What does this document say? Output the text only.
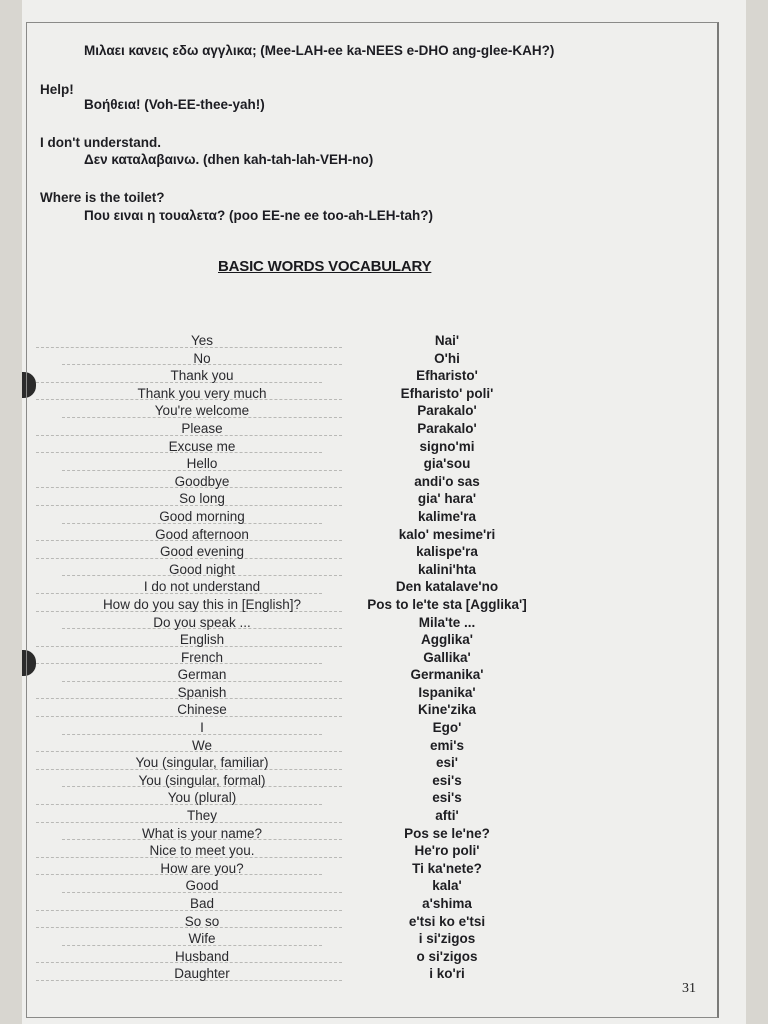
Μιλαει κανεις εδω αγγλικα; (Mee-LAH-ee ka-NEES e-DHO ang-glee-KAH?)
Help!
Βοήθεια! (Voh-EE-thee-yah!)
I don't understand.
Δεν καταλαβαινω. (dhen kah-tah-lah-VEH-no)
Where is the toilet?
Που ειναι η τουαλετα? (poo EE-ne ee too-ah-LEH-tah?)
BASIC WORDS VOCABULARY
Yes	Nai'
No	O'hi
Thank you	Efharisto'
Thank you very much	Efharisto' poli'
You're welcome	Parakalo'
Please	Parakalo'
Excuse me	signo'mi
Hello	gia'sou
Goodbye	andi'o sas
So long	gia' hara'
Good morning	kalime'ra
Good afternoon	kalo' mesime'ri
Good evening	kalispe'ra
Good night	kalini'hta
I do not understand	Den katalave'no
How do you say this in [English]?	Pos to le'te sta [Agglika']
Do you speak ...	Mila'te ...
English	Agglika'
French	Gallika'
German	Germanika'
Spanish	Ispanika'
Chinese	Kine'zika
I	Ego'
We	emi's
You (singular, familiar)	esi'
You (singular, formal)	esi's
You (plural)	esi's
They	afti'
What is your name?	Pos se le'ne?
Nice to meet you.	He'ro poli'
How are you?	Ti ka'nete?
Good	kala'
Bad	a'shima
So so	e'tsi ko e'tsi
Wife	i si'zigos
Husband	o si'zigos
Daughter	i ko'ri
31
